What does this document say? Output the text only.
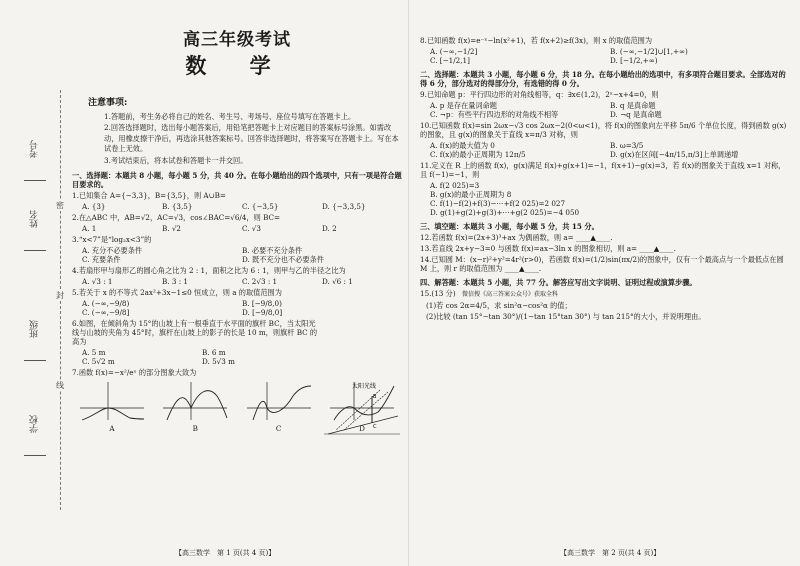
考号
姓名
班级
学校
密
封
线
高三年级考试
数 学
注意事项:

1.答题前，考生务必将自己的姓名、考生号、考场号、座位号填写在答题卡上。

2.回答选择题时，选出每小题答案后，用铅笔把答题卡上对应题目的答案标号涂黑。如需改动，用橡皮擦干净后，再选涂其他答案标号。回答非选择题时，将答案写在答题卡上。写在本试卷上无效。

3.考试结束后，将本试卷和答题卡一并交回。

一、选择题：本题共 8 小题，每小题 5 分，共 40 分。在每小题给出的四个选项中，只有一项是符合题目要求的。
1.已知集合 A={−3,3}，B={3,5}，则 A∪B=
A. {3}	B. {3,5}	C. {−3,5}	D. {−3,3,5}
2.在△ABC 中，AB=√2，AC=√3，cos∠BAC=√6/4，则 BC=
A. 1	B. √2	C. √3	D. 2
3.“x<7”是“log₂x<3”的
A. 充分不必要条件	B. 必要不充分条件
C. 充要条件	D. 既不充分也不必要条件
4.若扇形甲与扇形乙的圆心角之比为 2 : 1，面积之比为 6 : 1，则甲与乙的半径之比为
A. √3 : 1	B. 3 : 1	C. 2√3 : 1	D. √6 : 1
5.若关于 x 的不等式 2ax²+3x−1≤0 恒成立，则 a 的取值范围为
A. (−∞,−9/8)	B. [−9/8,0)
C. (−∞,−9/8]	D. [−9/8,0]
6.如图，在倾斜角为 15°的山坡上有一根垂直于水平面的旗杆 BC，当太阳光线与山坡的夹角为 45°时，旗杆在山坡上的影子的长是 10 m，则旗杆 BC 的高为
A. 5 m	B. 6 m
C. 5√2 m	D. 5√3 m
7.函数 f(x)=−x²/eˣ 的部分图象大致为
A	B	C	D
太阳光线
B
C
【高三数学　第 1 页(共 4 页)】
8.已知函数 f(x)=e⁻ˣ−ln(x²+1)，若 f(x+2)≥f(3x)，则 x 的取值范围为
A. (−∞,−1/2]	B. (−∞,−1/2]∪[1,+∞)
C. [−1/2,1]	D. [−1/2,+∞)
二、选择题：本题共 3 小题，每小题 6 分，共 18 分。在每小题给出的选项中，有多项符合题目要求。全部选对的得 6 分，部分选对的得部分分，有选错的得 0 分。
9.已知命题 p：平行四边形的对角线相等，q：∃x∈(1,2)，2ˣ−x+4=0，则
A. p 是存在量词命题	B. q 是真命题
C. ¬p：有些平行四边形的对角线不相等	D. ¬q 是真命题
10.已知函数 f(x)=sin 2ωx−√3 cos 2ωx−2(0<ω<1)，将 f(x)的图象向左平移 5π/6 个单位长度，得到函数 g(x)的图象，且 g(x)的图象关于直线 x=π/3 对称，则
A. f(x)的最大值为 0	B. ω=3/5
C. f(x)的最小正周期为 12π/5	D. g(x)在区间[−4π/15,π/3]上单调递增
11.定义在 R 上的函数 f(x)，g(x)满足 f(x)+g(x+1)=−1，f(x+1)−g(x)=3，若 f(x)的图象关于直线 x=1 对称，且 f(−1)=−1，则
A. f(2 025)=3
B. g(x)的最小正周期为 8
C. f(1)−f(2)+f(3)−⋯+f(2 025)=2 027
D. g(1)+g(2)+g(3)+⋯+g(2 025)=−4 050
三、填空题：本题共 3 小题，每小题 5 分，共 15 分。
12.若函数 f(x)=(2x+3)³+ax 为偶函数，则 a= ____▲____.
13.若直线 2x+y−3=0 与函数 f(x)=ax−3ln x 的图象相切，则 a= ____▲____.
14.已知圆 M：(x−r)²+y²=4r²(r>0)，若函数 f(x)=(1/2)sin(πx/2)的图象中，仅有一个最高点与一个最低点在圆 M 上，则 r 的取值范围为 ____▲____.
四、解答题：本题共 5 小题，共 77 分。解答应写出文字说明、证明过程或演算步骤。
15.(13 分) 微信搜《高三答案公众号》获取全科
(1)若 cos 2α=4/5，求 sin²α−cos²α 的值；
(2)比较 (tan 15°−tan 30°)/(1−tan 15°tan 30°) 与 tan 215°的大小，并说明理由。
【高三数学　第 2 页(共 4 页)】
